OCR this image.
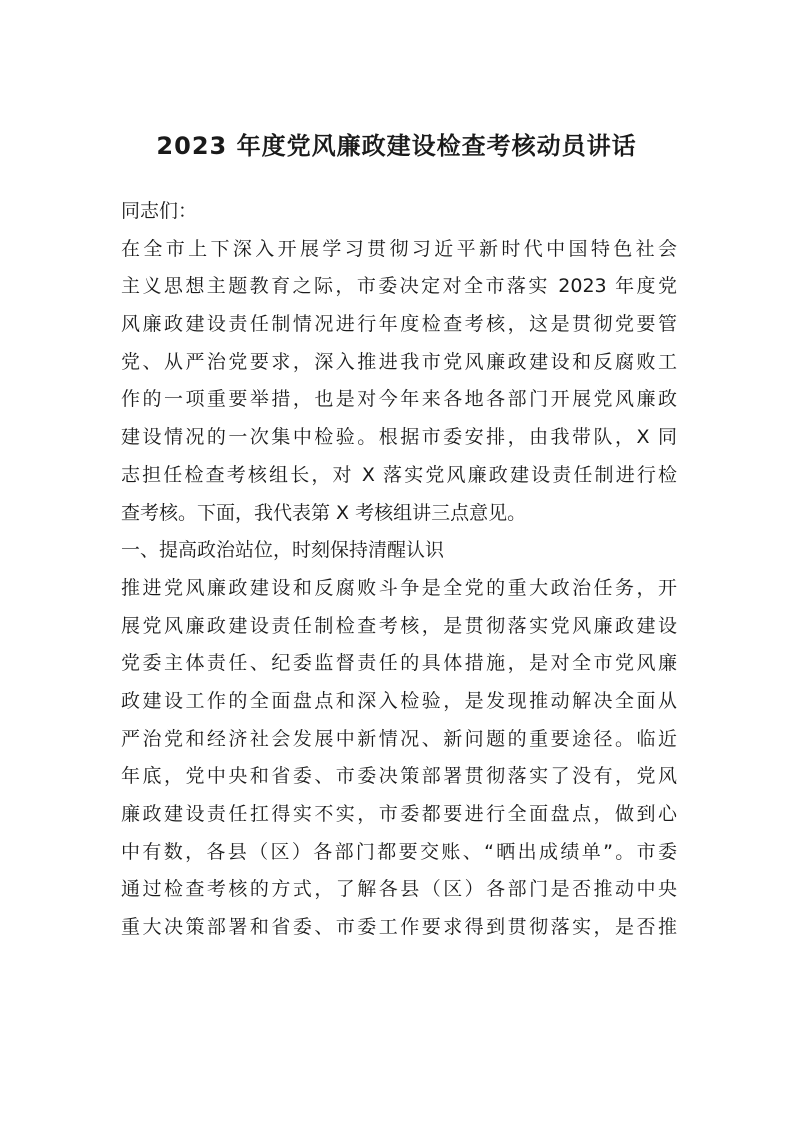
2023 年度党风廉政建设检查考核动员讲话
同志们：
在全市上下深入开展学习贯彻习近平新时代中国特色社会
主义思想主题教育之际，市委决定对全市落实 2023 年度党
风廉政建设责任制情况进行年度检查考核，这是贯彻党要管
党、从严治党要求，深入推进我市党风廉政建设和反腐败工
作的一项重要举措，也是对今年来各地各部门开展党风廉政
建设情况的一次集中检验。根据市委安排，由我带队，X 同
志担任检查考核组长，对 X 落实党风廉政建设责任制进行检
查考核。下面，我代表第 X 考核组讲三点意见。
一、提高政治站位，时刻保持清醒认识
推进党风廉政建设和反腐败斗争是全党的重大政治任务，开
展党风廉政建设责任制检查考核，是贯彻落实党风廉政建设
党委主体责任、纪委监督责任的具体措施，是对全市党风廉
政建设工作的全面盘点和深入检验，是发现推动解决全面从
严治党和经济社会发展中新情况、新问题的重要途径。临近
年底，党中央和省委、市委决策部署贯彻落实了没有，党风
廉政建设责任扛得实不实，市委都要进行全面盘点，做到心
中有数，各县（区）各部门都要交账、“晒出成绩单”。市委
通过检查考核的方式，了解各县（区）各部门是否推动中央
重大决策部署和省委、市委工作要求得到贯彻落实，是否推
